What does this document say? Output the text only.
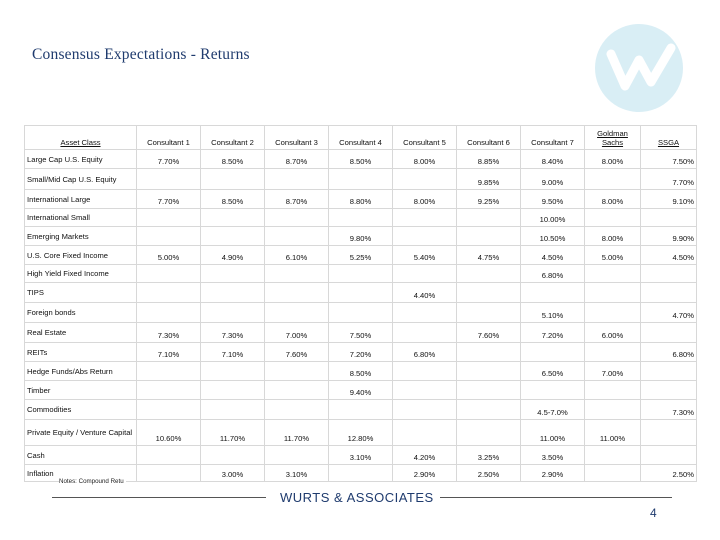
Consensus Expectations - Returns
Asset Class	Consultant 1	Consultant 2	Consultant 3	Consultant 4	Consultant 5	Consultant 6	Consultant 7	Goldman Sachs	SSGA
Large Cap U.S. Equity	7.70%	8.50%	8.70%	8.50%	8.00%	8.85%	8.40%	8.00%	7.50%
Small/Mid Cap U.S. Equity						9.85%	9.00%		7.70%
International Large	7.70%	8.50%	8.70%	8.80%	8.00%	9.25%	9.50%	8.00%	9.10%
International Small							10.00%		
Emerging Markets				9.80%			10.50%	8.00%	9.90%
U.S. Core Fixed Income	5.00%	4.90%	6.10%	5.25%	5.40%	4.75%	4.50%	5.00%	4.50%
High Yield Fixed Income							6.80%		
TIPS					4.40%				
Foreign bonds							5.10%		4.70%
Real Estate	7.30%	7.30%	7.00%	7.50%		7.60%	7.20%	6.00%	
REITs	7.10%	7.10%	7.60%	7.20%	6.80%				6.80%
Hedge Funds/Abs Return				8.50%			6.50%	7.00%	
Timber				9.40%					
Commodities							4.5-7.0%		7.30%
Private Equity / Venture Capital	10.60%	11.70%	11.70%	12.80%			11.00%	11.00%	
Cash				3.10%	4.20%	3.25%	3.50%		
Inflation		3.00%	3.10%		2.90%	2.50%	2.90%		2.50%
WURTS & ASSOCIATES
Notes: Compound Retu
4
